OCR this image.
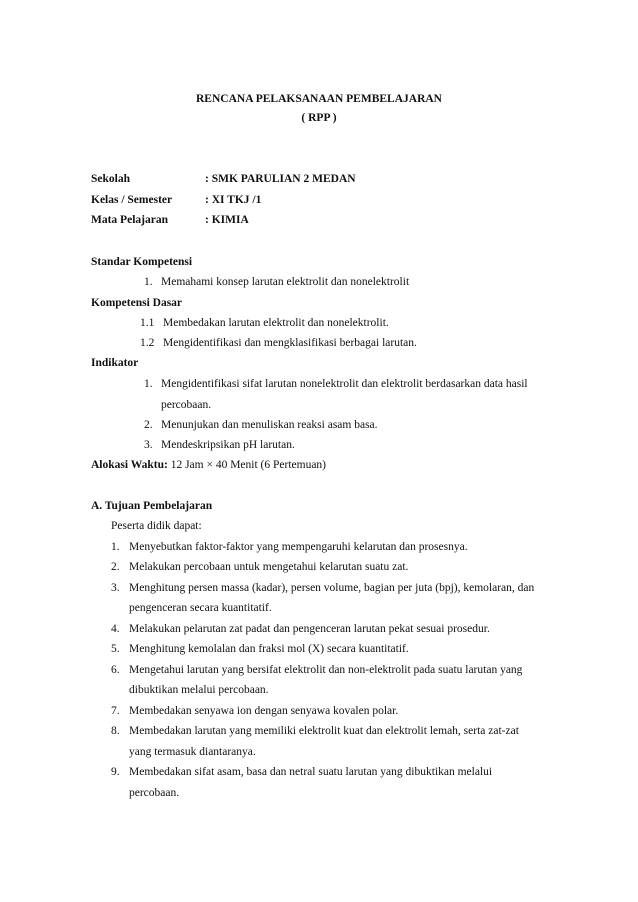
RENCANA PELAKSANAAN PEMBELAJARAN
( RPP )
Sekolah	: SMK PARULIAN 2 MEDAN
Kelas / Semester	: XI TKJ /1
Mata Pelajaran	: KIMIA
Standar Kompetensi
1. Memahami konsep larutan elektrolit dan nonelektrolit
Kompetensi Dasar
1.1 Membedakan larutan elektrolit dan nonelektrolit.
1.2 Mengidentifikasi dan mengklasifikasi berbagai larutan.
Indikator
1. Mengidentifikasi sifat larutan nonelektrolit dan elektrolit berdasarkan data hasil
percobaan.
2. Menunjukan dan menuliskan reaksi asam basa.
3. Mendeskripsikan pH larutan.
Alokasi Waktu: 12 Jam × 40 Menit (6 Pertemuan)
A. Tujuan Pembelajaran
Peserta didik dapat:
1. Menyebutkan faktor-faktor yang mempengaruhi kelarutan dan prosesnya.
2. Melakukan percobaan untuk mengetahui kelarutan suatu zat.
3. Menghitung persen massa (kadar), persen volume, bagian per juta (bpj), kemolaran, dan
pengenceran secara kuantitatif.
4. Melakukan pelarutan zat padat dan pengenceran larutan pekat sesuai prosedur.
5. Menghitung kemolalan dan fraksi mol (X) secara kuantitatif.
6. Mengetahui larutan yang bersifat elektrolit dan non-elektrolit pada suatu larutan yang
dibuktikan melalui percobaan.
7. Membedakan senyawa ion dengan senyawa kovalen polar.
8. Membedakan larutan yang memiliki elektrolit kuat dan elektrolit lemah, serta zat-zat
yang termasuk diantaranya.
9. Membedakan sifat asam, basa dan netral suatu larutan yang dibuktikan melalui
percobaan.
